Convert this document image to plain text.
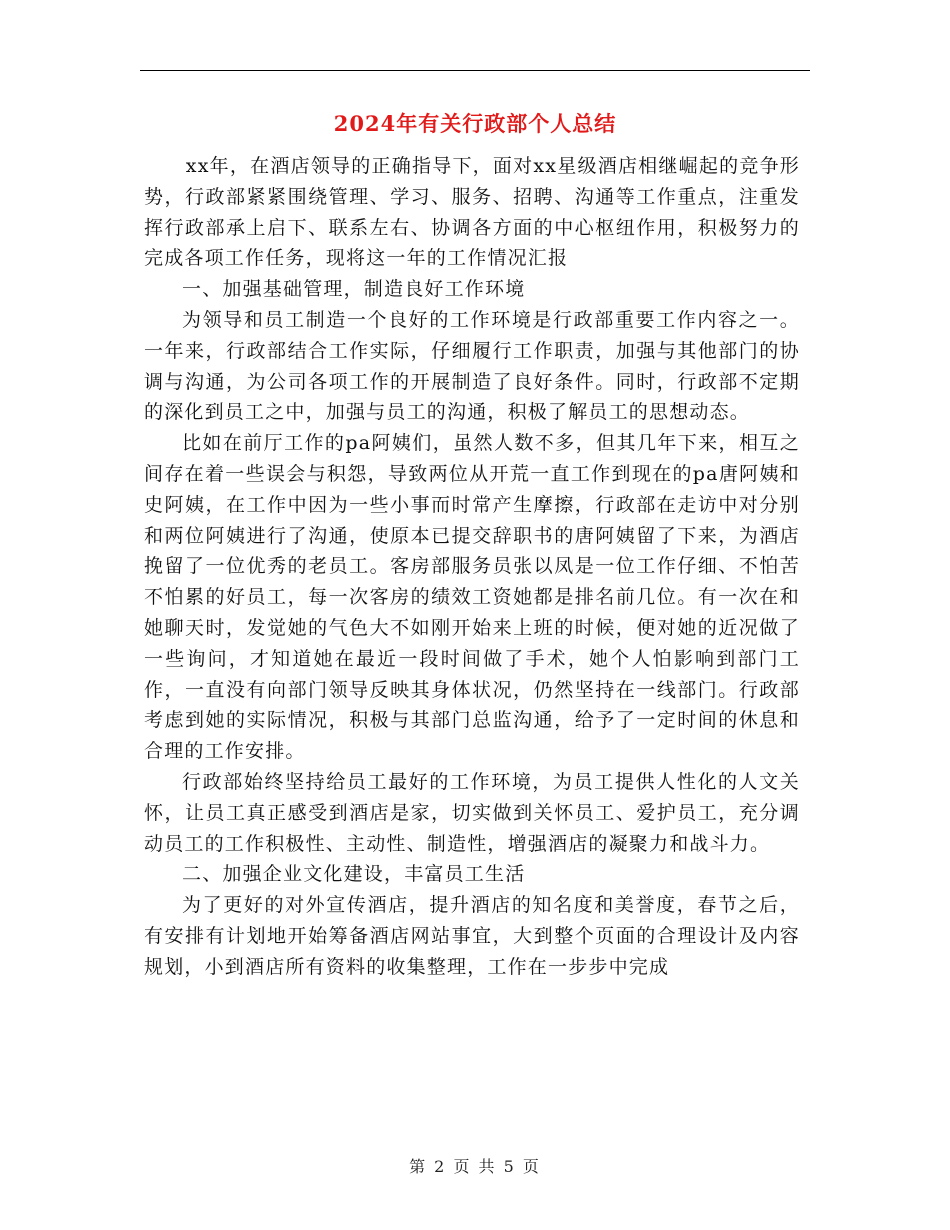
2024年有关行政部个人总结

xx年，在酒店领导的正确指导下，面对xx星级酒店相继崛起的竞争形势，行政部紧紧围绕管理、学习、服务、招聘、沟通等工作重点，注重发挥行政部承上启下、联系左右、协调各方面的中心枢纽作用，积极努力的完成各项工作任务，现将这一年的工作情况汇报

一、加强基础管理，制造良好工作环境

为领导和员工制造一个良好的工作环境是行政部重要工作内容之一。一年来，行政部结合工作实际，仔细履行工作职责，加强与其他部门的协调与沟通，为公司各项工作的开展制造了良好条件。同时，行政部不定期的深化到员工之中，加强与员工的沟通，积极了解员工的思想动态。

比如在前厅工作的pa阿姨们，虽然人数不多，但其几年下来，相互之间存在着一些误会与积怨，导致两位从开荒一直工作到现在的pa唐阿姨和史阿姨，在工作中因为一些小事而时常产生摩擦，行政部在走访中对分别和两位阿姨进行了沟通，使原本已提交辞职书的唐阿姨留了下来，为酒店挽留了一位优秀的老员工。客房部服务员张以凤是一位工作仔细、不怕苦不怕累的好员工，每一次客房的绩效工资她都是排名前几位。有一次在和她聊天时，发觉她的气色大不如刚开始来上班的时候，便对她的近况做了一些询问，才知道她在最近一段时间做了手术，她个人怕影响到部门工作，一直没有向部门领导反映其身体状况，仍然坚持在一线部门。行政部考虑到她的实际情况，积极与其部门总监沟通，给予了一定时间的休息和合理的工作安排。

行政部始终坚持给员工最好的工作环境，为员工提供人性化的人文关怀，让员工真正感受到酒店是家，切实做到关怀员工、爱护员工，充分调动员工的工作积极性、主动性、制造性，增强酒店的凝聚力和战斗力。

二、加强企业文化建设，丰富员工生活

为了更好的对外宣传酒店，提升酒店的知名度和美誉度，春节之后，有安排有计划地开始筹备酒店网站事宜，大到整个页面的合理设计及内容规划，小到酒店所有资料的收集整理，工作在一步步中完成

第 2 页 共 5 页
